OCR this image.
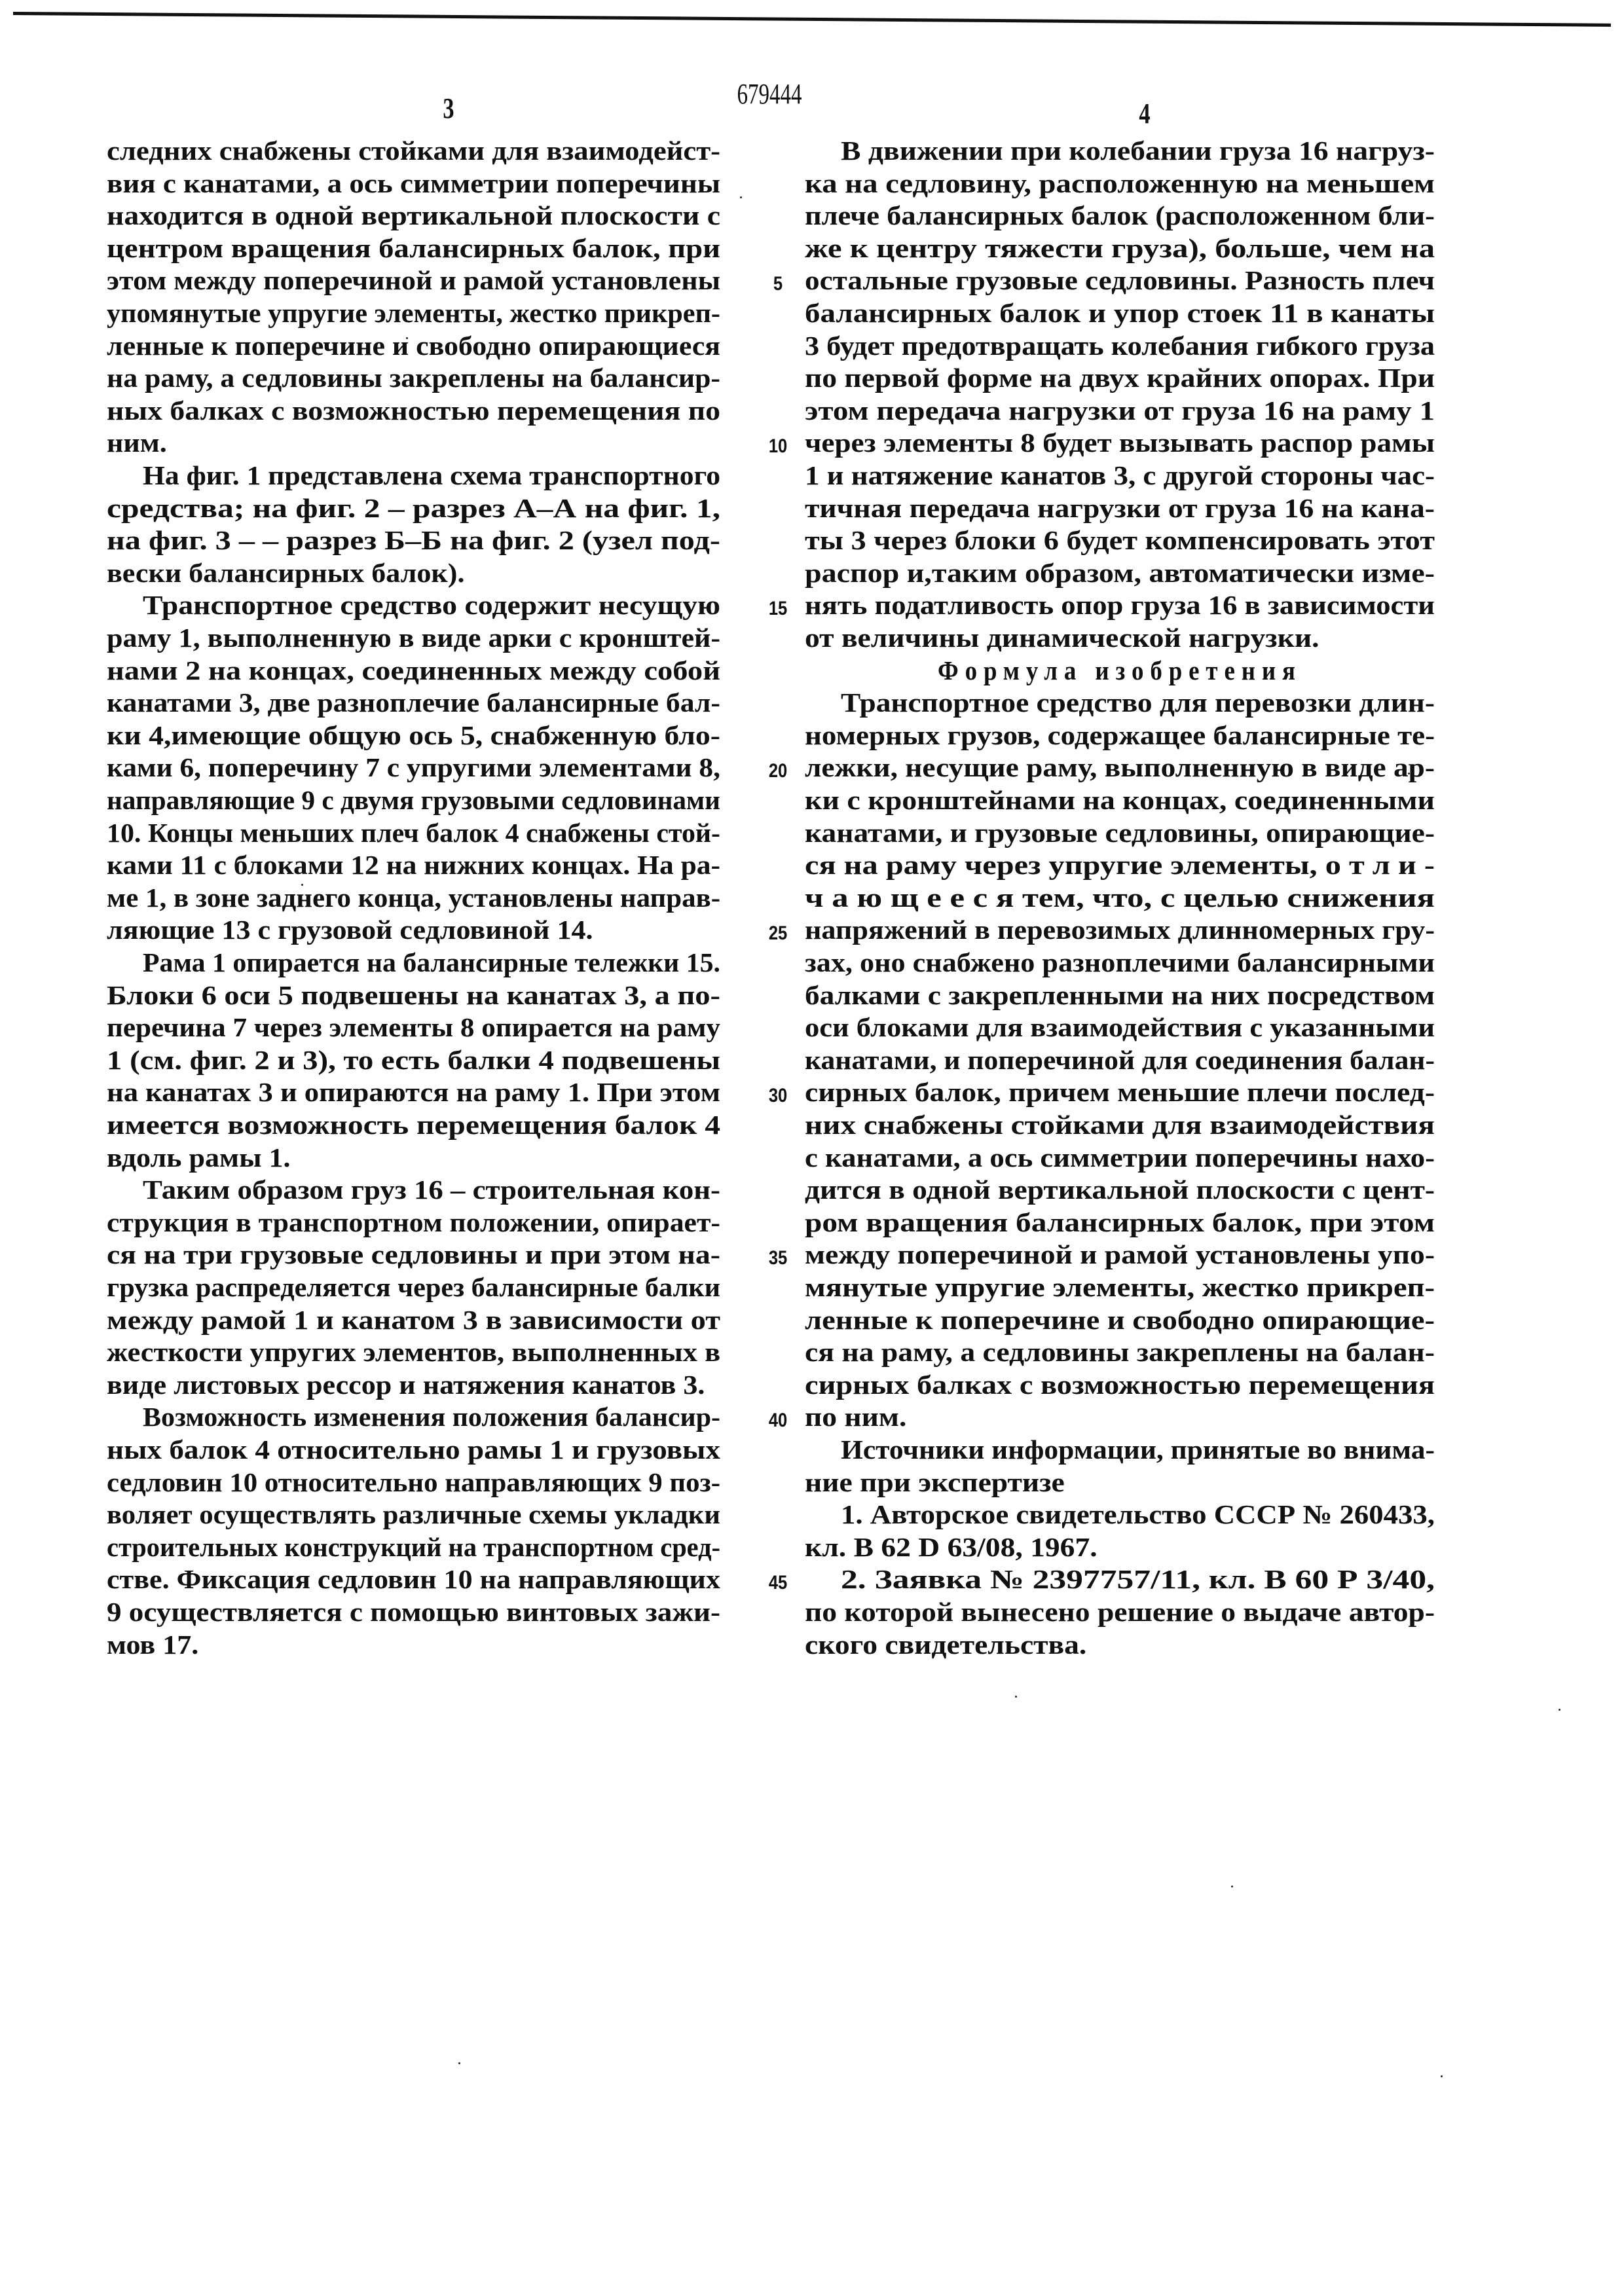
3	679444
4
следних снабжены стойками для взаимодейст-
вия с канатами, а ось симметрии поперечины
находится в одной вертикальной плоскости с
центром вращения балансирных балок, при
этом между поперечиной и рамой установлены
упомянутые упругие элементы, жестко прикреп-
ленные к поперечине и свободно опирающиеся
на раму, а седловины закреплены на балансир-
ных балках с возможностью перемещения по
ним.
На фиг. 1 представлена схема транспортного
средства; на фиг. 2 – разрез А–А на фиг. 1,
на фиг. 3 – – разрез Б–Б на фиг. 2 (узел под-
вески балансирных балок).
Транспортное средство содержит несущую
раму 1, выполненную в виде арки с кронштей-
нами 2 на концах, соединенных между собой
канатами 3, две разноплечие балансирные бал-
ки 4,имеющие общую ось 5, снабженную бло-
ками 6, поперечину 7 с упругими элементами 8,
направляющие 9 с двумя грузовыми седловинами
10. Концы меньших плеч балок 4 снабжены стой-
ками 11 с блоками 12 на нижних концах. На ра-
ме 1, в зоне заднего конца, установлены направ-
ляющие 13 с грузовой седловиной 14.
Рама 1 опирается на балансирные тележки 15.
Блоки 6 оси 5 подвешены на канатах 3, а по-
перечина 7 через элементы 8 опирается на раму
1 (см. фиг. 2 и 3), то есть балки 4 подвешены
на канатах 3 и опираются на раму 1. При этом
имеется возможность перемещения балок 4
вдоль рамы 1.
Таким образом груз 16 – строительная кон-
струкция в транспортном положении, опирает-
ся на три грузовые седловины и при этом на-
грузка распределяется через балансирные балки
между рамой 1 и канатом 3 в зависимости от
жесткости упругих элементов, выполненных в
виде листовых рессор и натяжения канатов 3.
Возможность изменения положения балансир-
ных балок 4 относительно рамы 1 и грузовых
седловин 10 относительно направляющих 9 поз-
воляет осуществлять различные схемы укладки
строительных конструкций на транспортном сред-
стве. Фиксация седловин 10 на направляющих
9 осуществляется с помощью винтовых зажи-
мов 17.
В движении при колебании груза 16 нагруз-
ка на седловину, расположенную на меньшем
плече балансирных балок (расположенном бли-
же к центру тяжести груза), больше, чем на
остальные грузовые седловины. Разность плеч
балансирных балок и упор стоек 11 в канаты
3 будет предотвращать колебания гибкого груза
по первой форме на двух крайних опорах. При
этом передача нагрузки от груза 16 на раму 1
через элементы 8 будет вызывать распор рамы
1 и натяжение канатов 3, с другой стороны час-
тичная передача нагрузки от груза 16 на кана-
ты 3 через блоки 6 будет компенсировать этот
распор и,таким образом, автоматически изме-
нять податливость опор груза 16 в зависимости
от величины динамической нагрузки.
Формула изобретения
Транспортное средство для перевозки длин-
номерных грузов, содержащее балансирные те-
лежки, несущие раму, выполненную в виде ар-
ки с кронштейнами на концах, соединенными
канатами, и грузовые седловины, опирающие-
ся на раму через упругие элементы, о т л и -
ч а ю щ е е с я тем, что, с целью снижения
напряжений в перевозимых длинномерных гру-
зах, оно снабжено разноплечими балансирными
балками с закрепленными на них посредством
оси блоками для взаимодействия с указанными
канатами, и поперечиной для соединения балан-
сирных балок, причем меньшие плечи послед-
них снабжены стойками для взаимодействия
с канатами, а ось симметрии поперечины нахо-
дится в одной вертикальной плоскости с цент-
ром вращения балансирных балок, при этом
между поперечиной и рамой установлены упо-
мянутые упругие элементы, жестко прикреп-
ленные к поперечине и свободно опирающие-
ся на раму, а седловины закреплены на балан-
сирных балках с возможностью перемещения
по ним.
Источники информации, принятые во внима-
ние при экспертизе
1. Авторское свидетельство СССР № 260433,
кл. В 62 D 63/08, 1967.
2. Заявка № 2397757/11, кл. В 60 Р 3/40,
по которой вынесено решение о выдаче автор-
ского свидетельства.
5
10
15
20
25
30
35
40
45
